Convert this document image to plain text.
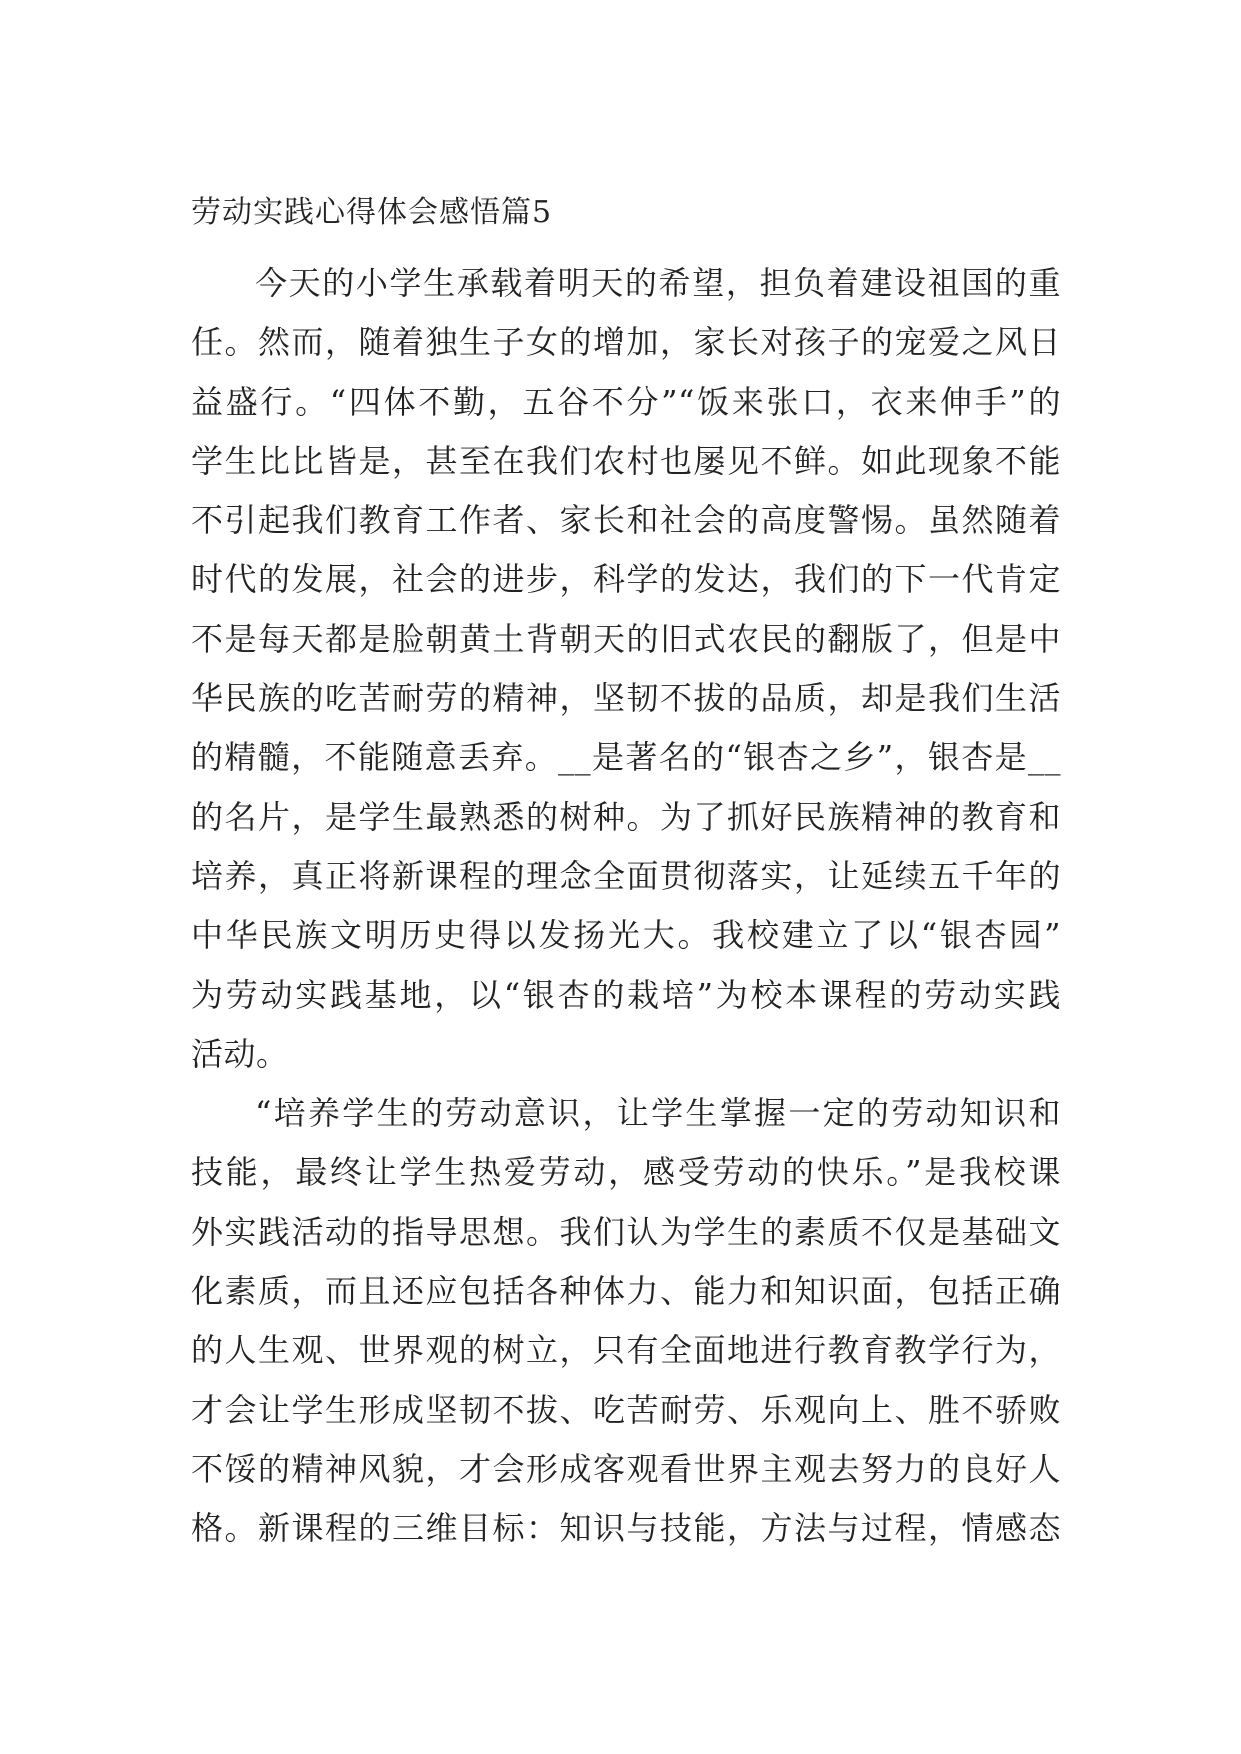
劳动实践心得体会感悟篇5
今天的小学生承载着明天的希望，担负着建设祖国的重
任。然而，随着独生子女的增加，家长对孩子的宠爱之风日
益盛行。“四体不勤，五谷不分”“饭来张口，衣来伸手”的
学生比比皆是，甚至在我们农村也屡见不鲜。如此现象不能
不引起我们教育工作者、家长和社会的高度警惕。虽然随着
时代的发展，社会的进步，科学的发达，我们的下一代肯定
不是每天都是脸朝黄土背朝天的旧式农民的翻版了，但是中
华民族的吃苦耐劳的精神，坚韧不拔的品质，却是我们生活
的精髓，不能随意丢弃。__是著名的“银杏之乡”，银杏是__
的名片，是学生最熟悉的树种。为了抓好民族精神的教育和
培养，真正将新课程的理念全面贯彻落实，让延续五千年的
中华民族文明历史得以发扬光大。我校建立了以“银杏园”
为劳动实践基地，以“银杏的栽培”为校本课程的劳动实践
活动。
“培养学生的劳动意识，让学生掌握一定的劳动知识和
技能，最终让学生热爱劳动，感受劳动的快乐。”是我校课
外实践活动的指导思想。我们认为学生的素质不仅是基础文
化素质，而且还应包括各种体力、能力和知识面，包括正确
的人生观、世界观的树立，只有全面地进行教育教学行为，
才会让学生形成坚韧不拔、吃苦耐劳、乐观向上、胜不骄败
不馁的精神风貌，才会形成客观看世界主观去努力的良好人
格。新课程的三维目标：知识与技能，方法与过程，情感态
